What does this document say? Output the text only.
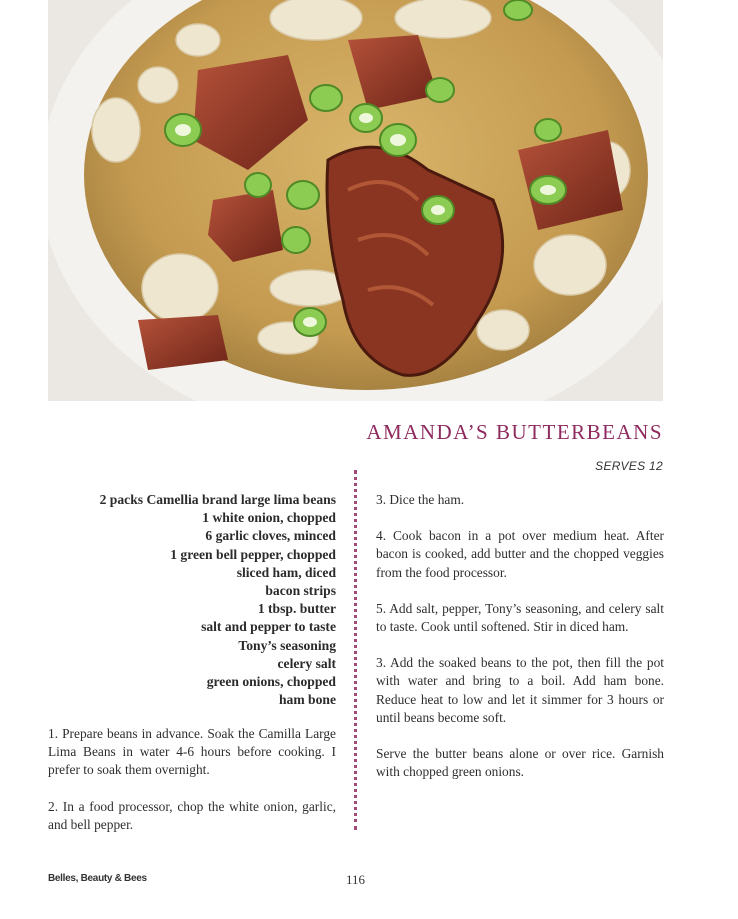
AMANDA’S BUTTERBEANS
SERVES 12
2 packs Camellia brand large lima beans
1 white onion, chopped
6 garlic cloves, minced
1 green bell pepper, chopped
sliced ham, diced
bacon strips
1 tbsp. butter
salt and pepper to taste
Tony’s seasoning
celery salt
green onions, chopped
ham bone

1. Prepare beans in advance. Soak the Camilla Large Lima Beans in water 4-6 hours before cooking. I prefer to soak them overnight.

2. In a food processor, chop the white onion, garlic, and bell pepper.

3. Dice the ham.

4. Cook bacon in a pot over medium heat. After bacon is cooked, add butter and the chopped veggies from the food processor.

5. Add salt, pepper, Tony’s seasoning, and celery salt to taste. Cook until softened. Stir in diced ham.

3. Add the soaked beans to the pot, then fill the pot with water and bring to a boil. Add ham bone. Reduce heat to low and let it simmer for 3 hours or until beans become soft.

Serve the butter beans alone or over rice. Garnish with chopped green onions.

Belles, Beauty & Bees	116
